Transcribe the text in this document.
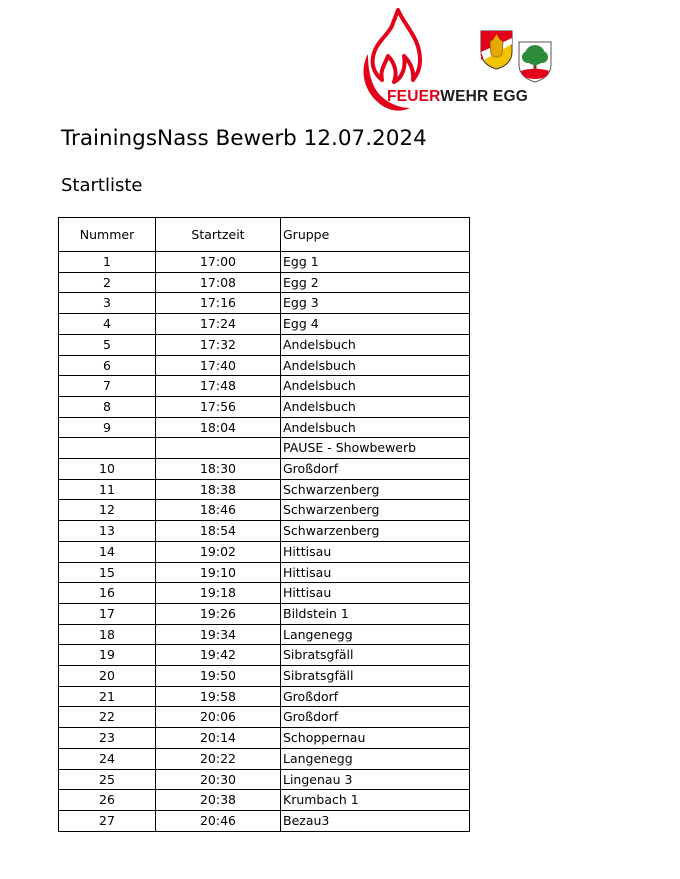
FEUERWEHR EGG
TrainingsNass Bewerb 12.07.2024
Startliste
Nummer	Startzeit	Gruppe
1	17:00	Egg 1
2	17:08	Egg 2
3	17:16	Egg 3
4	17:24	Egg 4
5	17:32	Andelsbuch
6	17:40	Andelsbuch
7	17:48	Andelsbuch
8	17:56	Andelsbuch
9	18:04	Andelsbuch
		PAUSE - Showbewerb
10	18:30	Großdorf
11	18:38	Schwarzenberg
12	18:46	Schwarzenberg
13	18:54	Schwarzenberg
14	19:02	Hittisau
15	19:10	Hittisau
16	19:18	Hittisau
17	19:26	Bildstein 1
18	19:34	Langenegg
19	19:42	Sibratsgfäll
20	19:50	Sibratsgfäll
21	19:58	Großdorf
22	20:06	Großdorf
23	20:14	Schoppernau
24	20:22	Langenegg
25	20:30	Lingenau 3
26	20:38	Krumbach 1
27	20:46	Bezau3
